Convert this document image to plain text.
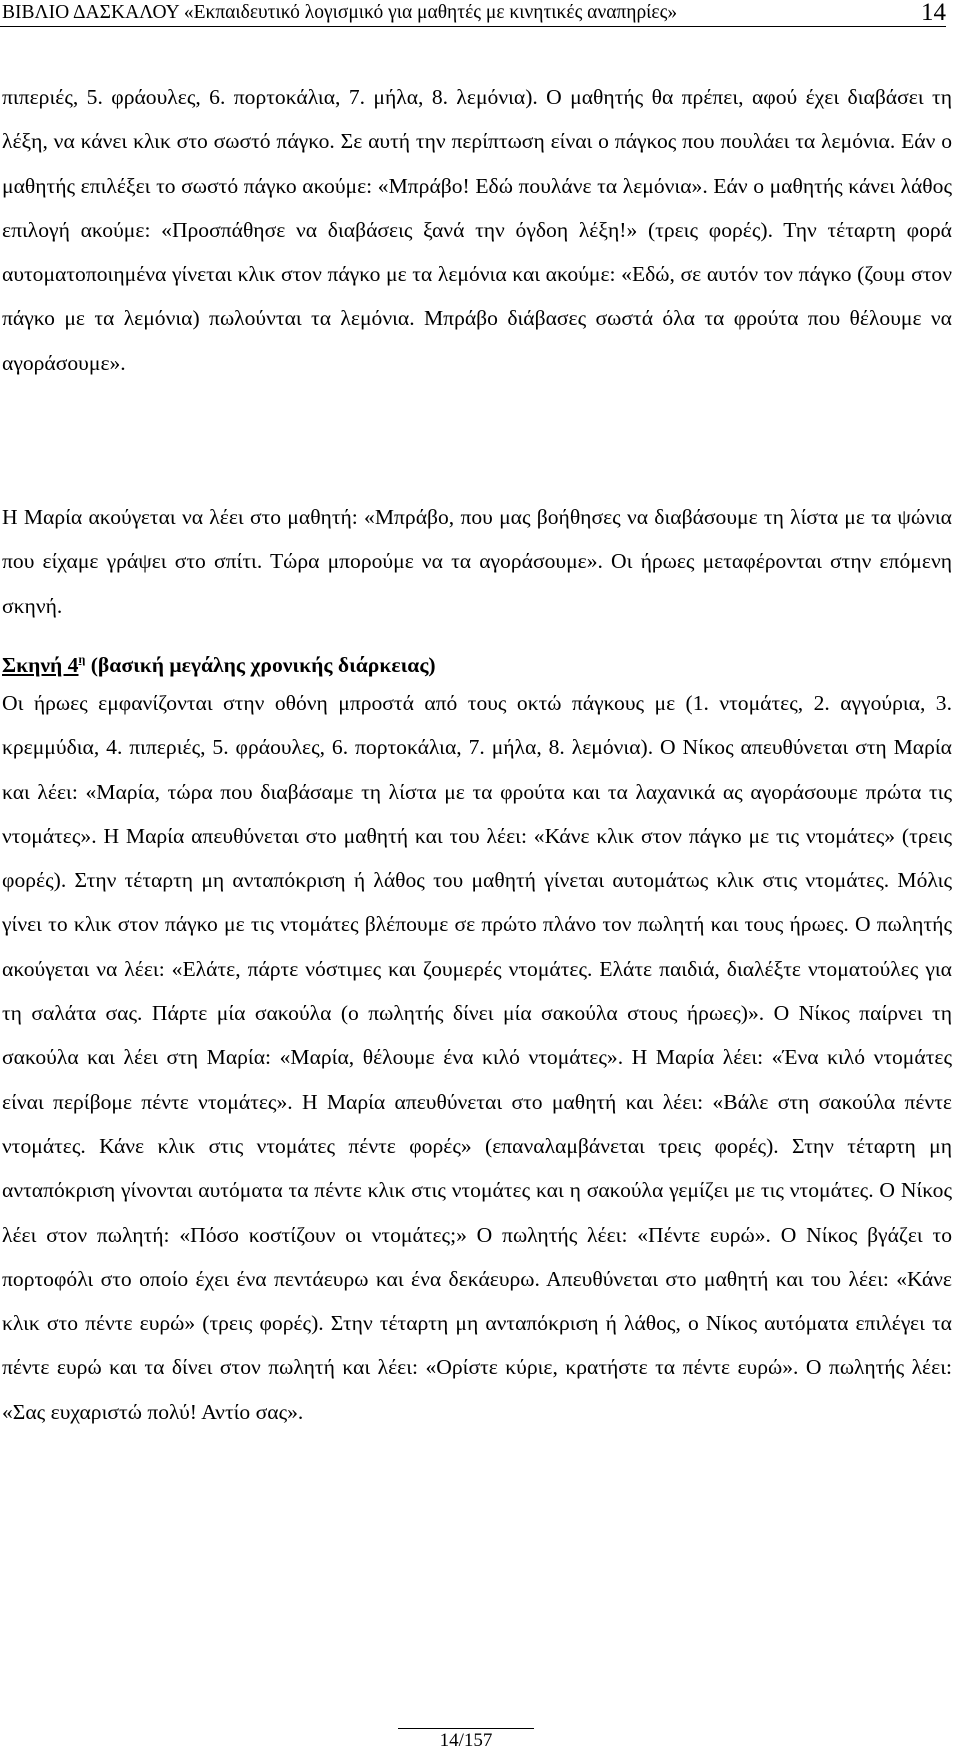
ΒΙΒΛΙΟ ΔΑΣΚΑΛΟΥ «Εκπαιδευτικό λογισμικό για μαθητές με κινητικές αναπηρίες»	14

πιπεριές, 5. φράουλες, 6. πορτοκάλια, 7. μήλα, 8. λεμόνια). Ο μαθητής θα πρέπει, αφού έχει διαβάσει τη λέξη, να κάνει κλικ στο σωστό πάγκο. Σε αυτή την περίπτωση είναι ο πάγκος που πουλάει τα λεμόνια. Εάν ο μαθητής επιλέξει το σωστό πάγκο ακούμε: «Μπράβο! Εδώ πουλάνε τα λεμόνια». Εάν ο μαθητής κάνει λάθος επιλογή ακούμε: «Προσπάθησε να διαβάσεις ξανά την όγδοη λέξη!» (τρεις φορές). Την τέταρτη φορά αυτοματοποιημένα γίνεται κλικ στον πάγκο με τα λεμόνια και ακούμε: «Εδώ, σε αυτόν τον πάγκο (ζουμ στον πάγκο με τα λεμόνια) πωλούνται τα λεμόνια. Μπράβο διάβασες σωστά όλα τα φρούτα που θέλουμε να αγοράσουμε».

Η Μαρία ακούγεται να λέει στο μαθητή: «Μπράβο, που μας βοήθησες να διαβάσουμε τη λίστα με τα ψώνια που είχαμε γράψει στο σπίτι. Τώρα μπορούμε να τα αγοράσουμε». Οι ήρωες μεταφέρονται στην επόμενη σκηνή.

Σκηνή $4^\eta$ (βασική μεγάλης χρονικής διάρκειας)

Οι ήρωες εμφανίζονται στην οθόνη μπροστά από τους οκτώ πάγκους με (1. ντομάτες, 2. αγγούρια, 3. κρεμμύδια, 4. πιπεριές, 5. φράουλες, 6. πορτοκάλια, 7. μήλα, 8. λεμόνια). Ο Νίκος απευθύνεται στη Μαρία και λέει: «Μαρία, τώρα που διαβάσαμε τη λίστα με τα φρούτα και τα λαχανικά ας αγοράσουμε πρώτα τις ντομάτες». Η Μαρία απευθύνεται στο μαθητή και του λέει: «Κάνε κλικ στον πάγκο με τις ντομάτες» (τρεις φορές). Στην τέταρτη μη ανταπόκριση ή λάθος του μαθητή γίνεται αυτομάτως κλικ στις ντομάτες. Μόλις γίνει το κλικ στον πάγκο με τις ντομάτες βλέπουμε σε πρώτο πλάνο τον πωλητή και τους ήρωες. Ο πωλητής ακούγεται να λέει: «Ελάτε, πάρτε νόστιμες και ζουμερές ντομάτες. Ελάτε παιδιά, διαλέξτε ντοματούλες για τη σαλάτα σας. Πάρτε μία σακούλα (ο πωλητής δίνει μία σακούλα στους ήρωες)». Ο Νίκος παίρνει τη σακούλα και λέει στη Μαρία: «Μαρία, θέλουμε ένα κιλό ντομάτες». Η Μαρία λέει: «Ένα κιλό ντομάτες είναι περίβομε πέντε ντομάτες». Η Μαρία απευθύνεται στο μαθητή και λέει: «Βάλε στη σακούλα πέντε ντομάτες. Κάνε κλικ στις ντομάτες πέντε φορές» (επαναλαμβάνεται τρεις φορές). Στην τέταρτη μη ανταπόκριση γίνονται αυτόματα τα πέντε κλικ στις ντομάτες και η σακούλα γεμίζει με τις ντομάτες. Ο Νίκος λέει στον πωλητή: «Πόσο κοστίζουν οι ντομάτες;» Ο πωλητής λέει: «Πέντε ευρώ». Ο Νίκος βγάζει το πορτοφόλι στο οποίο έχει ένα πεντάευρω και ένα δεκάευρω. Απευθύνεται στο μαθητή και του λέει: «Κάνε κλικ στο πέντε ευρώ» (τρεις φορές). Στην τέταρτη μη ανταπόκριση ή λάθος, ο Νίκος αυτόματα επιλέγει τα πέντε ευρώ και τα δίνει στον πωλητή και λέει: «Ορίστε κύριε, κρατήστε τα πέντε ευρώ». Ο πωλητής λέει: «Σας ευχαριστώ πολύ! Αντίο σας».

14/157
